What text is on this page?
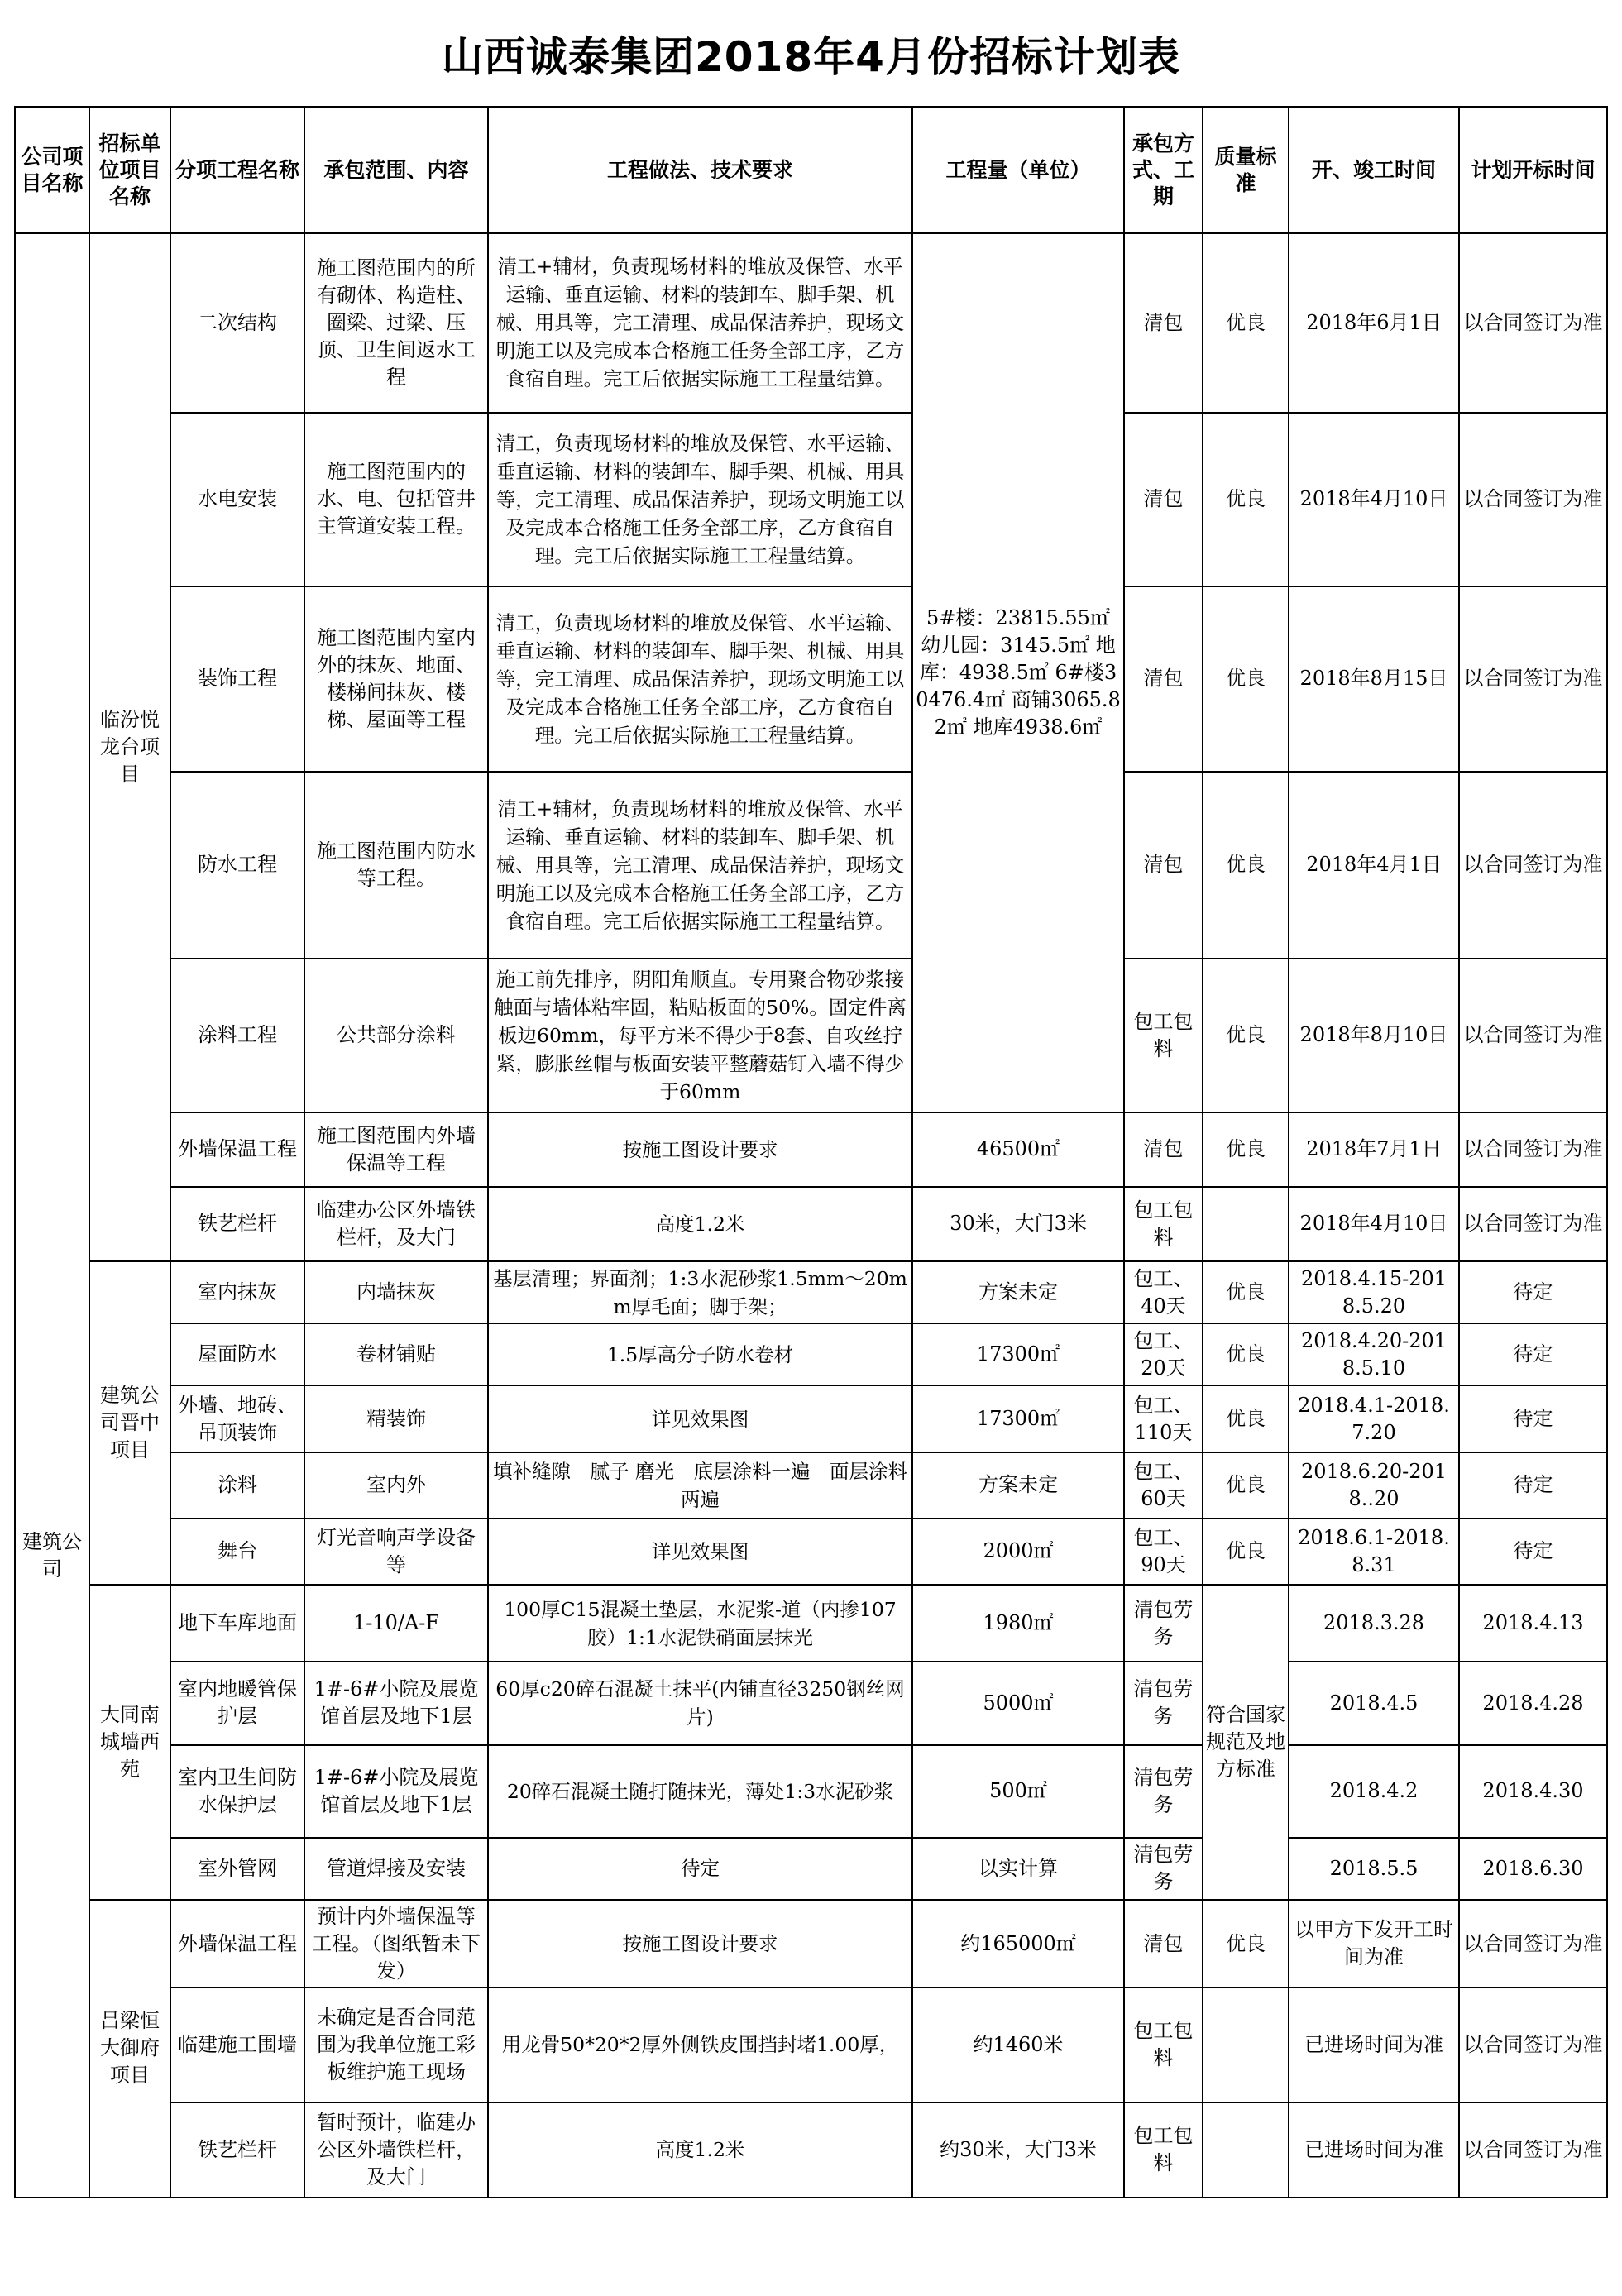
山西诚泰集团2018年4月份招标计划表
公司项目名称	招标单位项目名称	分项工程名称	承包范围、内容	工程做法、技术要求	工程量（单位）	承包方式、工期	质量标准	开、竣工时间	计划开标时间
建筑公司	临汾悦龙台项目	二次结构	施工图范围内的所有砌体、构造柱、圈梁、过梁、压顶、卫生间返水工程	清工+辅材，负责现场材料的堆放及保管、水平运输、垂直运输、材料的装卸车、脚手架、机械、用具等，完工清理、成品保洁养护，现场文明施工以及完成本合格施工任务全部工序，乙方食宿自理。完工后依据实际施工工程量结算。	5#楼：23815.55㎡ 幼儿园：3145.5㎡ 地库：4938.5㎡ 6#楼30476.4㎡ 商铺3065.82㎡ 地库4938.6㎡	清包	优良	2018年6月1日	以合同签订为准
		水电安装	施工图范围内的水、电、包括管井主管道安装工程。	清工，负责现场材料的堆放及保管、水平运输、垂直运输、材料的装卸车、脚手架、机械、用具等，完工清理、成品保洁养护，现场文明施工以及完成本合格施工任务全部工序，乙方食宿自理。完工后依据实际施工工程量结算。		清包	优良	2018年4月10日	以合同签订为准
		装饰工程	施工图范围内室内外的抹灰、地面、楼梯间抹灰、楼梯、屋面等工程	清工，负责现场材料的堆放及保管、水平运输、垂直运输、材料的装卸车、脚手架、机械、用具等，完工清理、成品保洁养护，现场文明施工以及完成本合格施工任务全部工序，乙方食宿自理。完工后依据实际施工工程量结算。		清包	优良	2018年8月15日	以合同签订为准
		防水工程	施工图范围内防水等工程。	清工+辅材，负责现场材料的堆放及保管、水平运输、垂直运输、材料的装卸车、脚手架、机械、用具等，完工清理、成品保洁养护，现场文明施工以及完成本合格施工任务全部工序，乙方食宿自理。完工后依据实际施工工程量结算。		清包	优良	2018年4月1日	以合同签订为准
		涂料工程	公共部分涂料	施工前先排序，阴阳角顺直。专用聚合物砂浆接触面与墙体粘牢固，粘贴板面的50%。固定件离板边60mm，每平方米不得少于8套、自攻丝拧紧，膨胀丝帽与板面安装平整蘑菇钉入墙不得少于60mm		包工包料	优良	2018年8月10日	以合同签订为准
		外墙保温工程	施工图范围内外墙保温等工程	按施工图设计要求	46500㎡	清包	优良	2018年7月1日	以合同签订为准
		铁艺栏杆	临建办公区外墙铁栏杆，及大门	高度1.2米	30米，大门3米	包工包料		2018年4月10日	以合同签订为准
	建筑公司晋中项目	室内抹灰	内墙抹灰	基层清理；界面剂；1:3水泥砂浆1.5mm～20mm厚毛面；脚手架；	方案未定	包工、40天	优良	2018.4.15-2018.5.20	待定
		屋面防水	卷材铺贴	1.5厚高分子防水卷材	17300㎡	包工、20天	优良	2018.4.20-2018.5.10	待定
		外墙、地砖、吊顶装饰	精装饰	详见效果图	17300㎡	包工、110天	优良	2018.4.1-2018.7.20	待定
		涂料	室内外	填补缝隙　腻子 磨光　底层涂料一遍　面层涂料两遍	方案未定	包工、60天	优良	2018.6.20-2018..20	待定
		舞台	灯光音响声学设备等	详见效果图	2000㎡	包工、90天	优良	2018.6.1-2018.8.31	待定
	大同南城墙西苑	地下车库地面	1-10/A-F	100厚C15混凝土垫层，水泥浆-道（内掺107胶）1:1水泥铁硝面层抹光	1980㎡	清包劳务	符合国家规范及地方标准	2018.3.28	2018.4.13
		室内地暖管保护层	1#-6#小院及展览馆首层及地下1层	60厚c20碎石混凝土抹平(内铺直径3250钢丝网片)	5000㎡	清包劳务		2018.4.5	2018.4.28
		室内卫生间防水保护层	1#-6#小院及展览馆首层及地下1层	20碎石混凝土随打随抹光，薄处1:3水泥砂浆	500㎡	清包劳务		2018.4.2	2018.4.30
		室外管网	管道焊接及安装	待定	以实计算	清包劳务		2018.5.5	2018.6.30
	吕梁恒大御府项目	外墙保温工程	预计内外墙保温等工程。（图纸暂未下发）	按施工图设计要求	约165000㎡	清包	优良	以甲方下发开工时间为准	以合同签订为准
		临建施工围墙	未确定是否合同范围为我单位施工彩板维护施工现场	用龙骨50*20*2厚外侧铁皮围挡封堵1.00厚，	约1460米	包工包料		已进场时间为准	以合同签订为准
		铁艺栏杆	暂时预计，临建办公区外墙铁栏杆，及大门	高度1.2米	约30米，大门3米	包工包料		已进场时间为准	以合同签订为准
